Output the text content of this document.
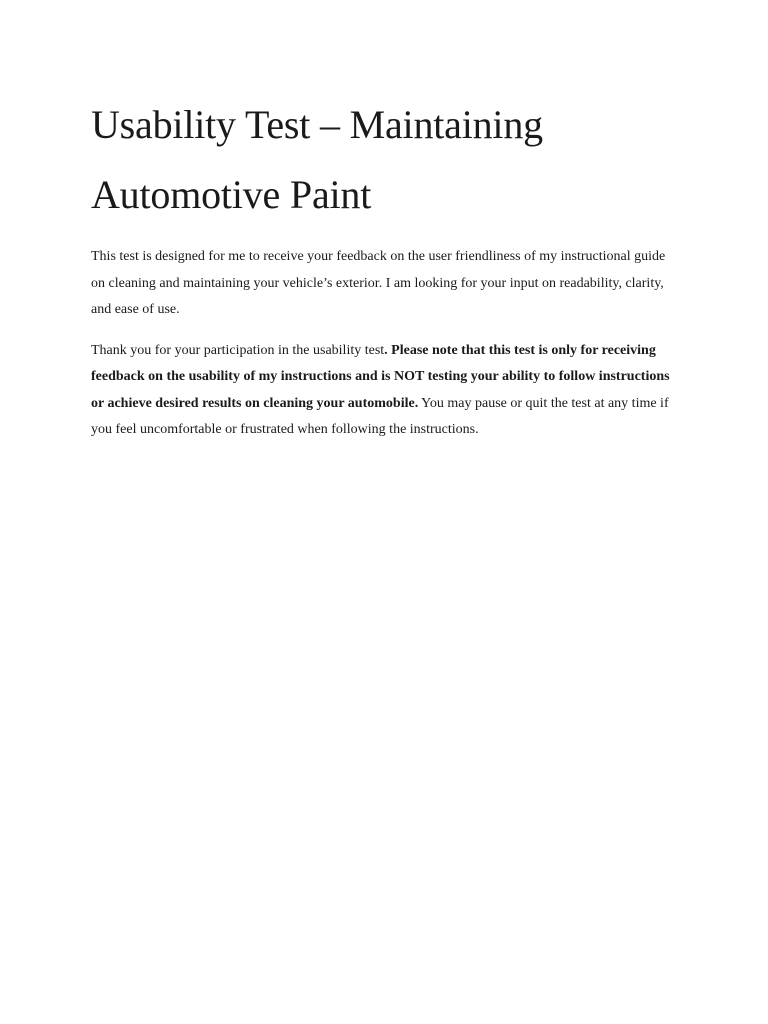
Usability Test – Maintaining Automotive Paint

This test is designed for me to receive your feedback on the user friendliness of my instructional guide on cleaning and maintaining your vehicle’s exterior. I am looking for your input on readability, clarity, and ease of use.

Thank you for your participation in the usability test. Please note that this test is only for receiving feedback on the usability of my instructions and is NOT testing your ability to follow instructions or achieve desired results on cleaning your automobile. You may pause or quit the test at any time if you feel uncomfortable or frustrated when following the instructions.
